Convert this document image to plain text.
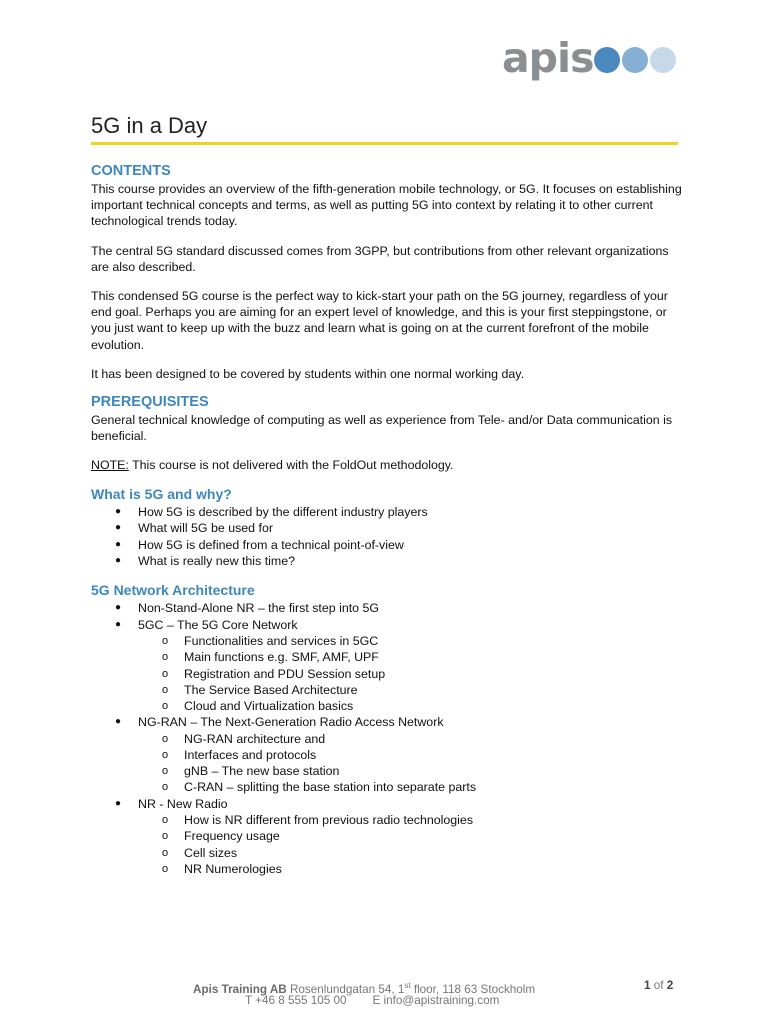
apis
5G in a Day
CONTENTS

This course provides an overview of the fifth-generation mobile technology, or 5G. It focuses on establishing important technical concepts and terms, as well as putting 5G into context by relating it to other current technological trends today.

The central 5G standard discussed comes from 3GPP, but contributions from other relevant organizations are also described.

This condensed 5G course is the perfect way to kick-start your path on the 5G journey, regardless of your end goal. Perhaps you are aiming for an expert level of knowledge, and this is your first steppingstone, or you just want to keep up with the buzz and learn what is going on at the current forefront of the mobile evolution.

It has been designed to be covered by students within one normal working day.

PREREQUISITES

General technical knowledge of computing as well as experience from Tele- and/or Data communication is beneficial.

NOTE: This course is not delivered with the FoldOut methodology.

What is 5G and why?
● How 5G is described by the different industry players
● What will 5G be used for
● How 5G is defined from a technical point-of-view
● What is really new this time?
5G Network Architecture
● Non-Stand-Alone NR – the first step into 5G
● 5GC – The 5G Core Network
o Functionalities and services in 5GC
o Main functions e.g. SMF, AMF, UPF
o Registration and PDU Session setup
o The Service Based Architecture
o Cloud and Virtualization basics
● NG-RAN – The Next-Generation Radio Access Network
o NG-RAN architecture and
o Interfaces and protocols
o gNB – The new base station
o C-RAN – splitting the base station into separate parts
● NR - New Radio
o How is NR different from previous radio technologies
o Frequency usage
o Cell sizes
o NR Numerologies
Apis Training AB Rosenlundgatan 54, 1st floor, 118 63 Stockholm
T +46 8 555 105 00 E info@apistraining.com
1 of 2
